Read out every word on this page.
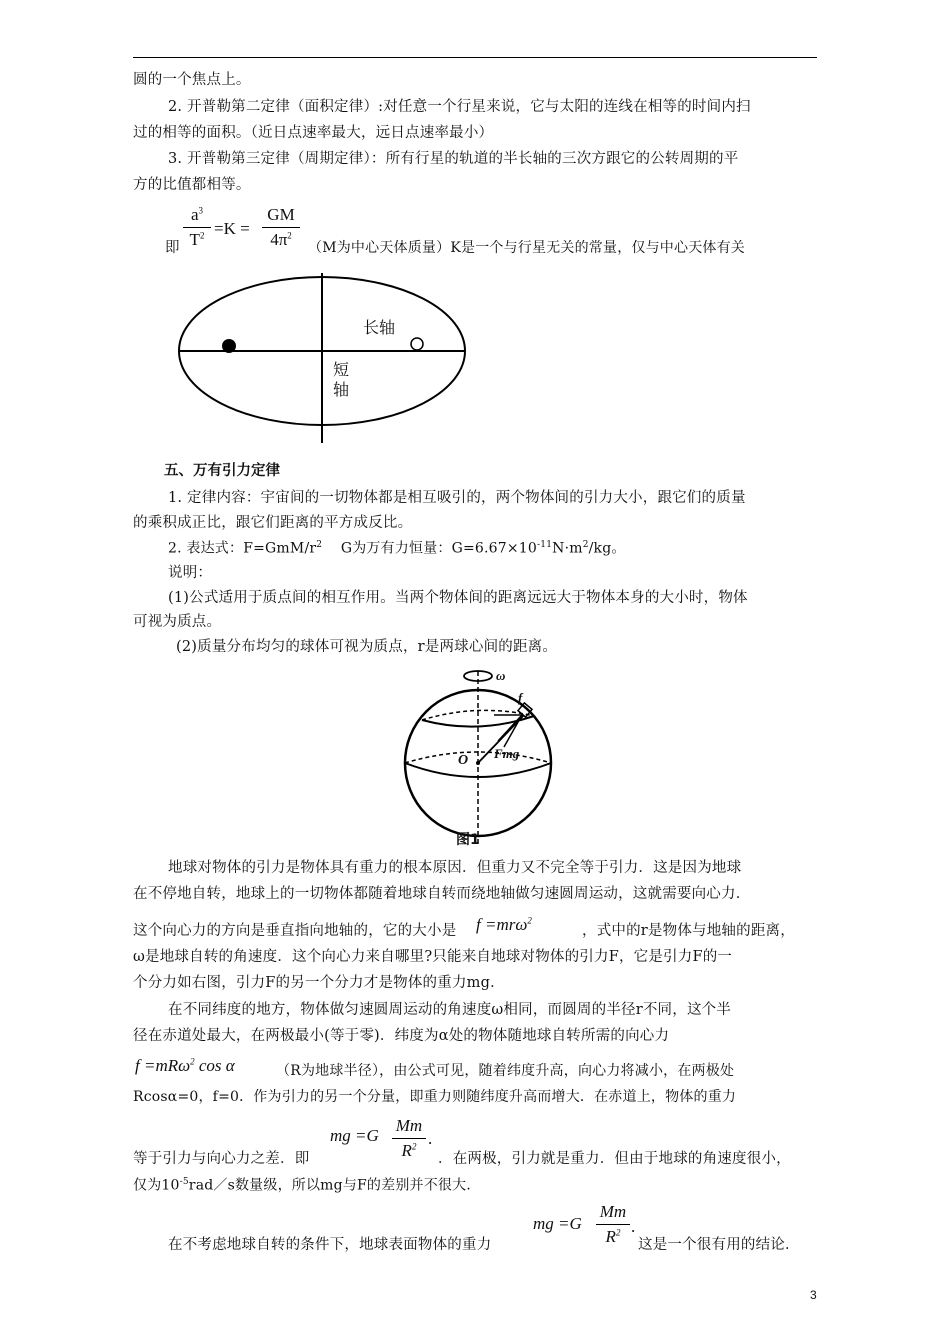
圆的一个焦点上。
2. 开普勒第二定律（面积定律）:对任意一个行星来说，它与太阳的连线在相等的时间内扫
过的相等的面积。（近日点速率最大，远日点速率最小）
3. 开普勒第三定律（周期定律）：所有行星的轨道的半长轴的三次方跟它的公转周期的平
方的比值都相等。
即 $\frac{a^3}{T^2} =K = \frac{GM}{4\pi^2} (M$为中心天体质量）K是一个与行星无关的常量，仅与中心天体有关
长轴
短
轴
五、万有引力定律
1. 定律内容：宇宙间的一切物体都是相互吸引的，两个物体间的引力大小，跟它们的质量
的乘积成正比，跟它们距离的平方成反比。
2. 表达式：$F=GmM/r^2$ G为万有力恒量：$G=6.67\times 10^{-11}N\cdot m^2/kg$。
说明：
(1)公式适用于质点间的相互作用。当两个物体间的距离远远大于物体本身的大小时，物体
可视为质点。
(2)质量分布均匀的球体可视为质点，r是两球心间的距离。
ω
f
Fmg
O
图1
地球对物体的引力是物体具有重力的根本原因．但重力又不完全等于引力．这是因为地球
在不停地自转，地球上的一切物体都随着地球自转而绕地轴做匀速圆周运动，这就需要向心力．
这个向心力的方向是垂直指向地轴的，它的大小是 f =mrω$^2$
，式中的r是物体与地轴的距离，
ω是地球自转的角速度．这个向心力来自哪里?只能来自地球对物体的引力F，它是引力F的一
个分力如右图，引力F的另一个分力才是物体的重力mg．
在不同纬度的地方，物体做匀速圆周运动的角速度ω相同，而圆周的半径r不同，这个半
径在赤道处最大，在两极最小(等于零)．纬度为α处的物体随地球自转所需的向心力
f =mRω$^2$ cos α	（R为地球半径），由公式可见，随着纬度升高，向心力将减小，在两极处
Rcosα=0，f=0．作为引力的另一个分量，即重力则随纬度升高而增大．在赤道上，物体的重力
mg $=G \frac{Mm}{R^2}$ .
等于引力与向心力之差．即	．在两极，引力就是重力．但由于地球的角速度很小，
仅为$10^{-5}rad/s$数量级，所以mg与F的差别并不很大．
mg $=G \frac{Mm}{R^2}$ .
在不考虑地球自转的条件下，地球表面物体的重力	这是一个很有用的结论．
3
